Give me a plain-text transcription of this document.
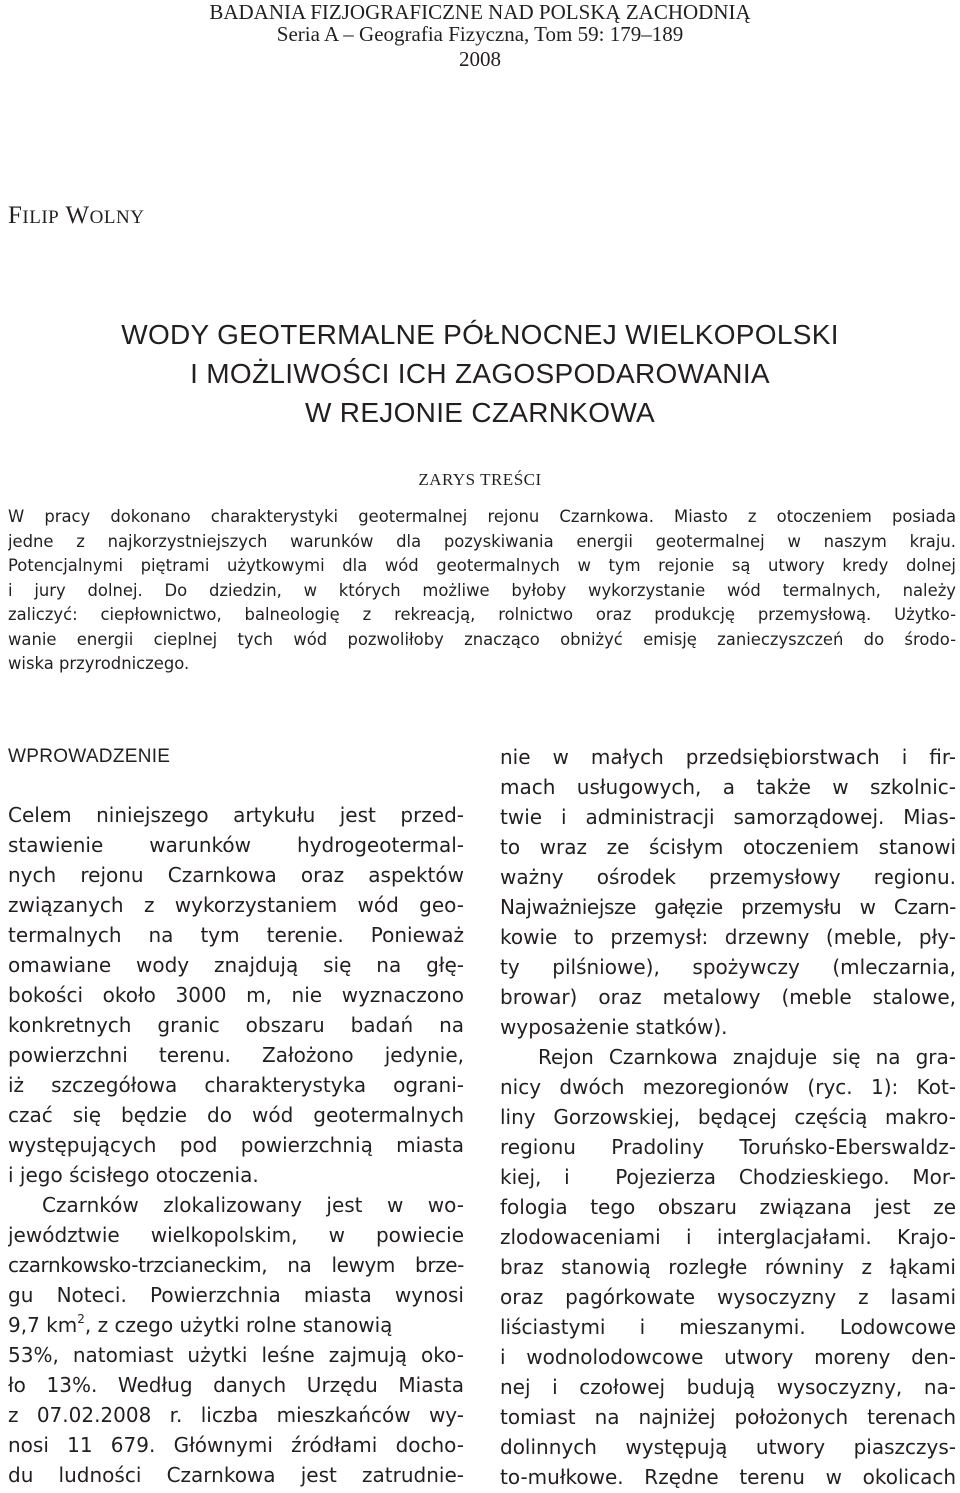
BADANIA FIZJOGRAFICZNE NAD POLSKĄ ZACHODNIĄ
Seria A – Geografia Fizyczna, Tom 59: 179–189
2008
FILIP WOLNY
WODY GEOTERMALNE PÓŁNOCNEJ WIELKOPOLSKI
I MOŻLIWOŚCI ICH ZAGOSPODAROWANIA
W REJONIE CZARNKOWA
ZARYS TREŚCI
W pracy dokonano charakterystyki geotermalnej rejonu Czarnkowa. Miasto z otoczeniem posiada
jedne z najkorzystniejszych warunków dla pozyskiwania energii geotermalnej w naszym kraju.
Potencjalnymi piętrami użytkowymi dla wód geotermalnych w tym rejonie są utwory kredy dolnej
i jury dolnej. Do dziedzin, w których możliwe byłoby wykorzystanie wód termalnych, należy
zaliczyć: ciepłownictwo, balneologię z rekreacją, rolnictwo oraz produkcję przemysłową. Użytko-
wanie energii cieplnej tych wód pozwoliłoby znacząco obniżyć emisję zanieczyszczeń do środo-
wiska przyrodniczego.
WPROWADZENIE
Celem niniejszego artykułu jest przed-
stawienie warunków hydrogeotermal-
nych rejonu Czarnkowa oraz aspektów
związanych z wykorzystaniem wód geo-
termalnych na tym terenie. Ponieważ
omawiane wody znajdują się na głę-
bokości około 3000 m, nie wyznaczono
konkretnych granic obszaru badań na
powierzchni terenu. Założono jedynie,
iż szczegółowa charakterystyka ograni-
czać się będzie do wód geotermalnych
występujących pod powierzchnią miasta
i jego ścisłego otoczenia.
Czarnków zlokalizowany jest w wo-
jewództwie wielkopolskim, w powiecie
czarnkowsko-trzcianeckim, na lewym brze-
gu Noteci. Powierzchnia miasta wynosi
9,7 $km^2$, z czego użytki rolne stanowią
53%, natomiast użytki leśne zajmują oko-
ło 13%. Według danych Urzędu Miasta
z 07.02.2008 r. liczba mieszkańców wy-
nosi 11 679. Głównymi źródłami docho-
du ludności Czarnkowa jest zatrudnie-
nie w małych przedsiębiorstwach i fir-
mach usługowych, a także w szkolnic-
twie i administracji samorządowej. Mias-
to wraz ze ścisłym otoczeniem stanowi
ważny ośrodek przemysłowy regionu.
Najważniejsze gałęzie przemysłu w Czarn-
kowie to przemysł: drzewny (meble, pły-
ty pilśniowe), spożywczy (mleczarnia,
browar) oraz metalowy (meble stalowe,
wyposażenie statków).
Rejon Czarnkowa znajduje się na gra-
nicy dwóch mezoregionów (ryc. 1): Kot-
liny Gorzowskiej, będącej częścią makro-
regionu Pradoliny Toruńsko-Eberswaldz-
kiej, i  Pojezierza Chodzieskiego. Mor-
fologia tego obszaru związana jest ze
zlodowaceniami i interglacjałami. Krajo-
braz stanowią rozległe równiny z łąkami
oraz pagórkowate wysoczyzny z lasami
liściastymi i mieszanymi. Lodowcowe
i wodnolodowcowe utwory moreny den-
nej i czołowej budują wysoczyzny, na-
tomiast na najniżej położonych terenach
dolinnych występują utwory piaszczys-
to-mułkowe. Rzędne terenu w okolicach
